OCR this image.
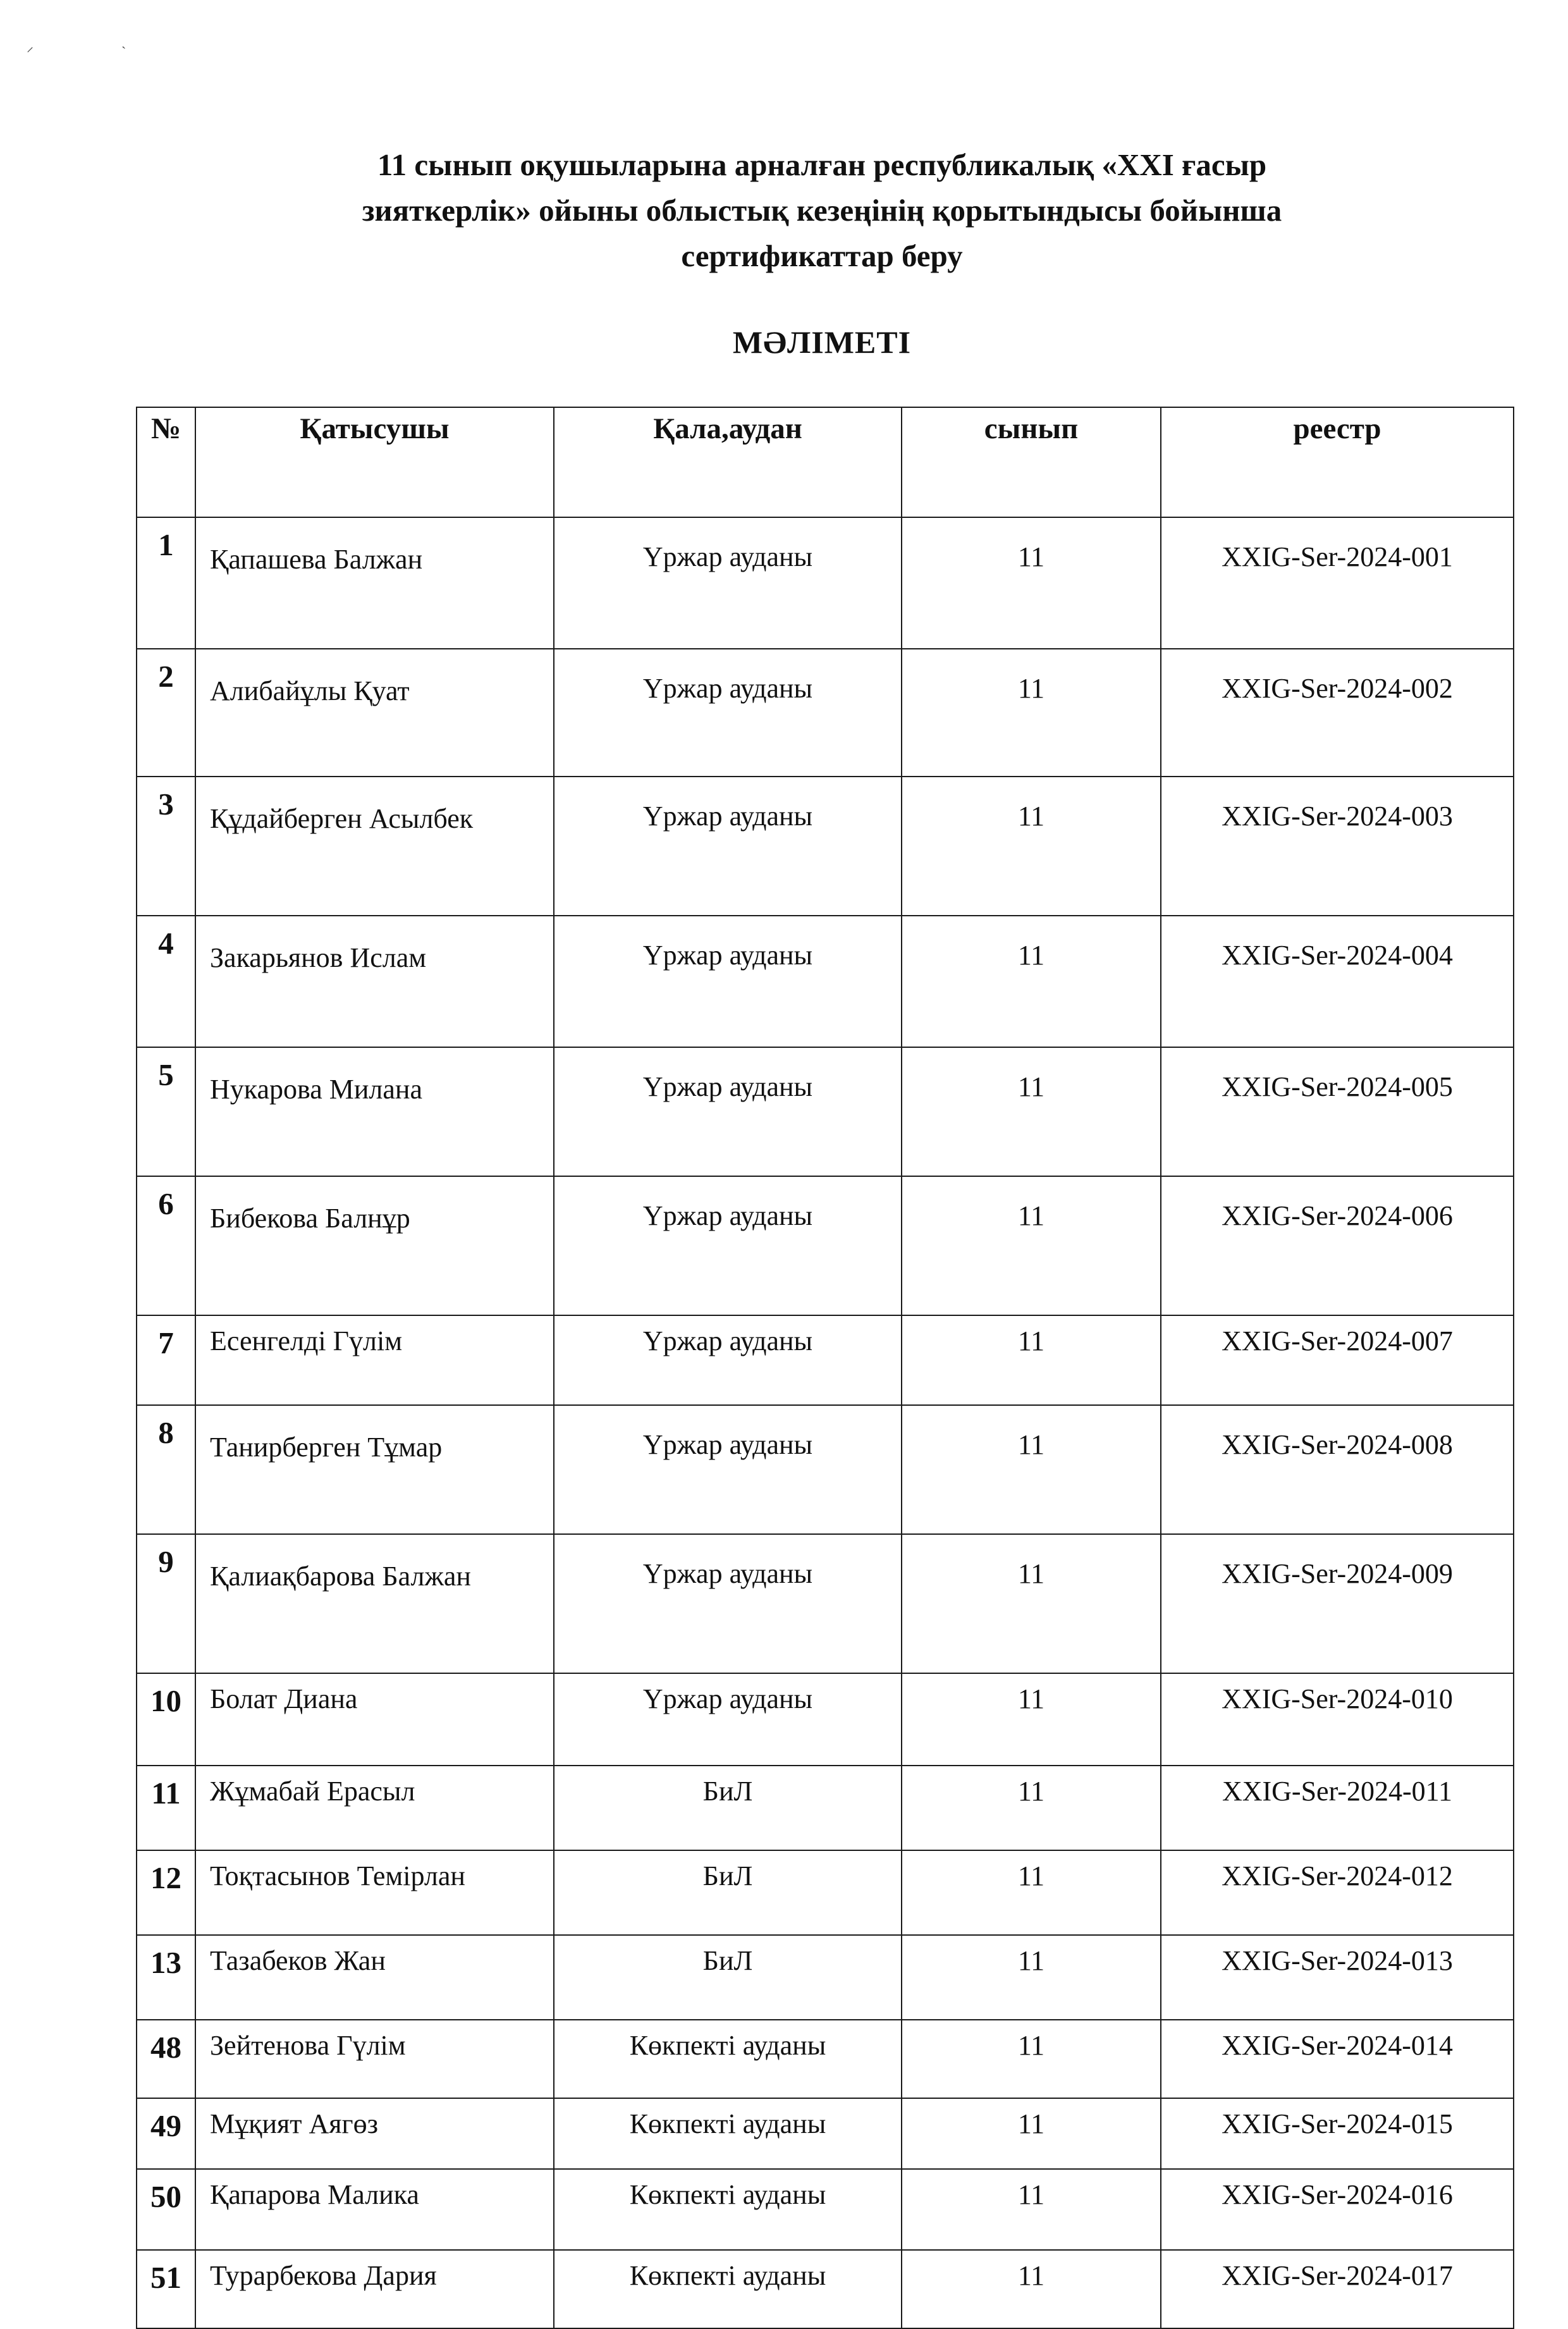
⸝	ˏ
11 сынып оқушыларына арналған республикалық «XXI ғасыр
зияткерлік» ойыны облыстық кезеңінің қорытындысы бойынша
сертификаттар беру
МӘЛІМЕТІ
№	Қатысушы	Қала,аудан	сынып	реестр
1	Қапашева Балжан	Үржар ауданы	11	XXIG-Ser-2024-001
2	Алибайұлы Қуат	Үржар ауданы	11	XXIG-Ser-2024-002
3	Құдайберген Асылбек	Үржар ауданы	11	XXIG-Ser-2024-003
4	Закарьянов Ислам	Үржар ауданы	11	XXIG-Ser-2024-004
5	Нукарова Милана	Үржар ауданы	11	XXIG-Ser-2024-005
6	Бибекова Балнұр	Үржар ауданы	11	XXIG-Ser-2024-006
7	Есенгелді Гүлім	Үржар ауданы	11	XXIG-Ser-2024-007
8	Танирберген Тұмар	Үржар ауданы	11	XXIG-Ser-2024-008
9	Қалиақбарова Балжан	Үржар ауданы	11	XXIG-Ser-2024-009
10	Болат Диана	Үржар ауданы	11	XXIG-Ser-2024-010
11	Жұмабай Ерасыл	БиЛ	11	XXIG-Ser-2024-011
12	Тоқтасынов Темірлан	БиЛ	11	XXIG-Ser-2024-012
13	Тазабеков Жан	БиЛ	11	XXIG-Ser-2024-013
48	Зейтенова Гүлім	Көкпекті ауданы	11	XXIG-Ser-2024-014
49	Мұқият Аягөз	Көкпекті ауданы	11	XXIG-Ser-2024-015
50	Қапарова Малика	Көкпекті ауданы	11	XXIG-Ser-2024-016
51	Турарбекова Дария	Көкпекті ауданы	11	XXIG-Ser-2024-017
